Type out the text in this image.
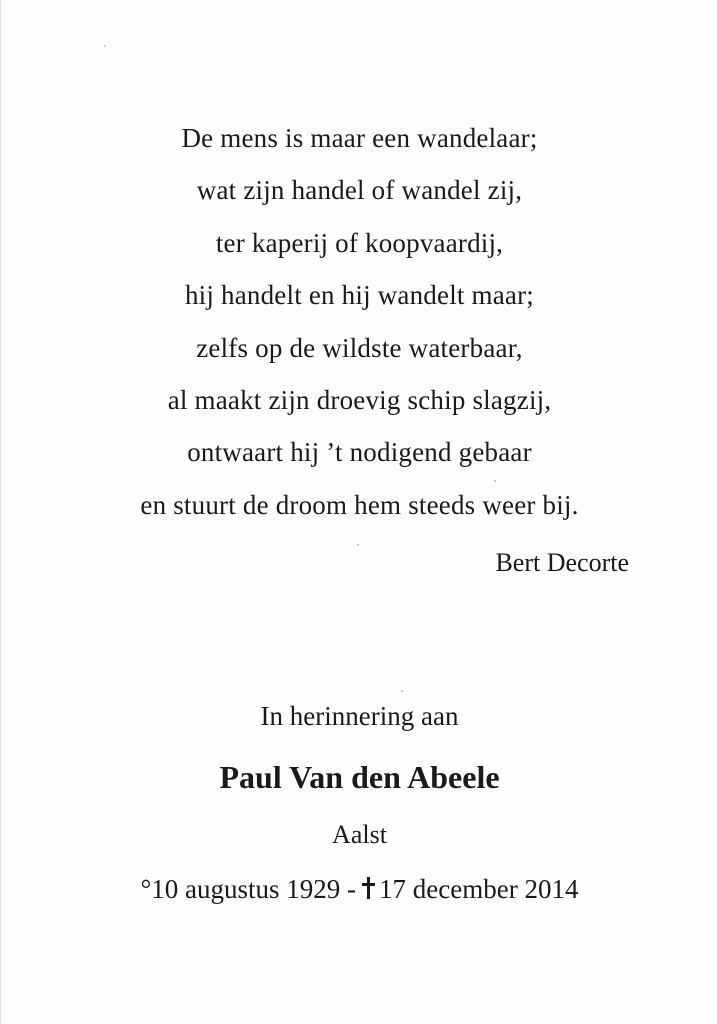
De mens is maar een wandelaar;
wat zijn handel of wandel zij,
ter kaperij of koopvaardij,
hij handelt en hij wandelt maar;
zelfs op de wildste waterbaar,
al maakt zijn droevig schip slagzij,
ontwaart hij ’t nodigend gebaar
en stuurt de droom hem steeds weer bij.
Bert Decorte
In herinnering aan
Paul Van den Abeele
Aalst
°10 augustus 1929 - 17 december 2014
